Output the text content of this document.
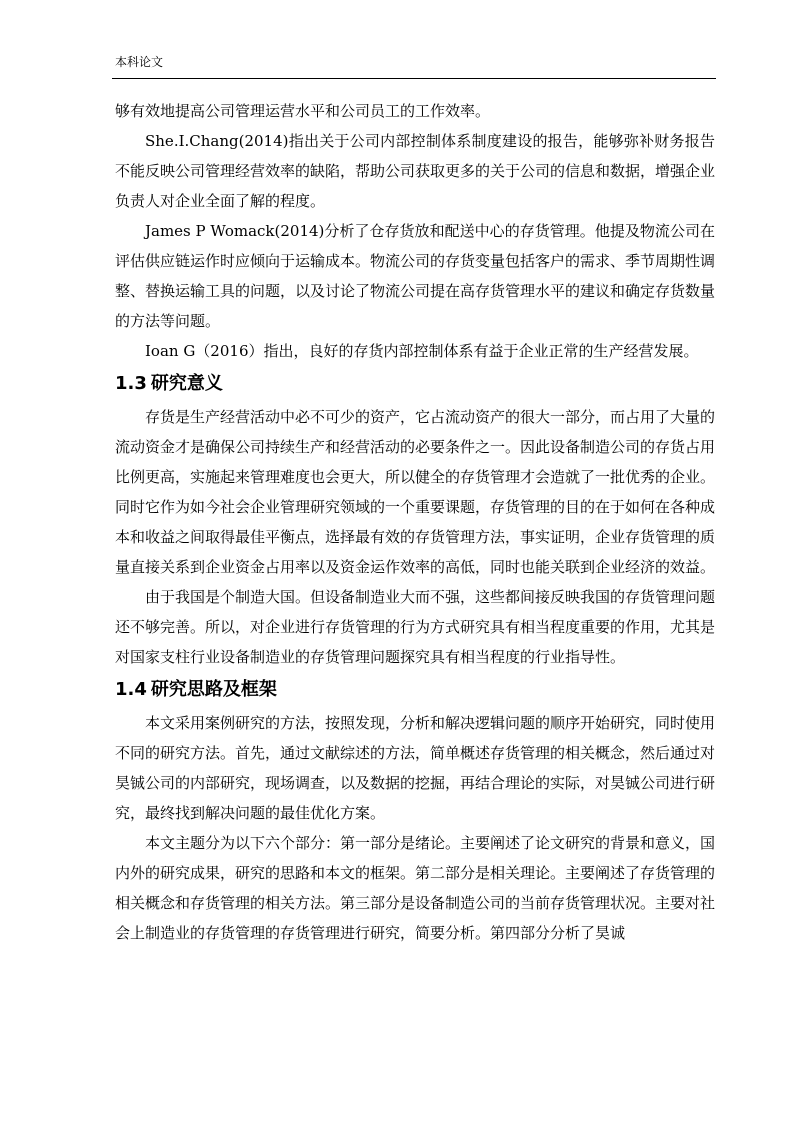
本科论文

够有效地提高公司管理运营水平和公司员工的工作效率。

She.I.Chang(2014)指出关于公司内部控制体系制度建设的报告，能够弥补财务报告不能反映公司管理经营效率的缺陷，帮助公司获取更多的关于公司的信息和数据，增强企业负责人对企业全面了解的程度。

James P Womack(2014)分析了仓存货放和配送中心的存货管理。他提及物流公司在评估供应链运作时应倾向于运输成本。物流公司的存货变量包括客户的需求、季节周期性调整、替换运输工具的问题，以及讨论了物流公司提在高存货管理水平的建议和确定存货数量的方法等问题。

Ioan G（2016）指出，良好的存货内部控制体系有益于企业正常的生产经营发展。

1.3 研究意义

存货是生产经营活动中必不可少的资产，它占流动资产的很大一部分，而占用了大量的流动资金才是确保公司持续生产和经营活动的必要条件之一。因此设备制造公司的存货占用比例更高，实施起来管理难度也会更大，所以健全的存货管理才会造就了一批优秀的企业。同时它作为如今社会企业管理研究领域的一个重要课题，存货管理的目的在于如何在各种成本和收益之间取得最佳平衡点，选择最有效的存货管理方法，事实证明，企业存货管理的质量直接关系到企业资金占用率以及资金运作效率的高低，同时也能关联到企业经济的效益。

由于我国是个制造大国。但设备制造业大而不强，这些都间接反映我国的存货管理问题还不够完善。所以，对企业进行存货管理的行为方式研究具有相当程度重要的作用，尤其是对国家支柱行业设备制造业的存货管理问题探究具有相当程度的行业指导性。

1.4 研究思路及框架

本文采用案例研究的方法，按照发现，分析和解决逻辑问题的顺序开始研究，同时使用不同的研究方法。首先，通过文献综述的方法，简单概述存货管理的相关概念，然后通过对昊铖公司的内部研究，现场调查，以及数据的挖掘，再结合理论的实际，对昊铖公司进行研究，最终找到解决问题的最佳优化方案。

本文主题分为以下六个部分：第一部分是绪论。主要阐述了论文研究的背景和意义，国内外的研究成果，研究的思路和本文的框架。第二部分是相关理论。主要阐述了存货管理的相关概念和存货管理的相关方法。第三部分是设备制造公司的当前存货管理状况。主要对社会上制造业的存货管理的存货管理进行研究，简要分析。第四部分分析了昊诚
